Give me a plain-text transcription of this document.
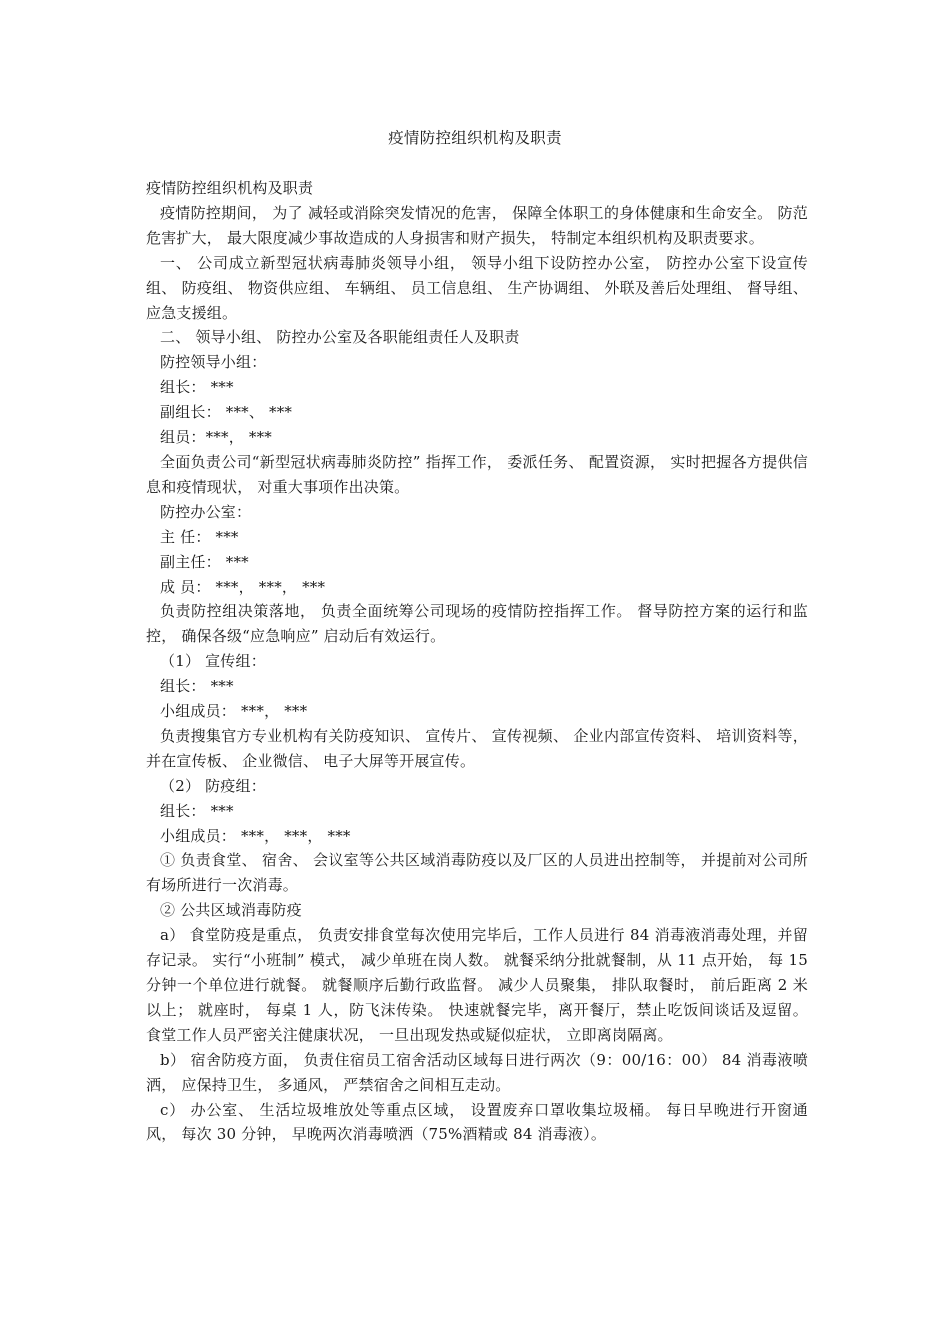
疫情防控组织机构及职责

疫情防控组织机构及职责

疫情防控期间， 为了 减轻或消除突发情况的危害， 保障全体职工的身体健康和生命安全。 防范危害扩大， 最大限度减少事故造成的人身损害和财产损失， 特制定本组织机构及职责要求。

一、 公司成立新型冠状病毒肺炎领导小组， 领导小组下设防控办公室， 防控办公室下设宣传组、 防疫组、 物资供应组、 车辆组、 员工信息组、 生产协调组、 外联及善后处理组、 督导组、 应急支援组。

二、 领导小组、 防控办公室及各职能组责任人及职责

防控领导小组：

组长： ***

副组长： ***、 ***

组员：***， ***

全面负责公司“新型冠状病毒肺炎防控” 指挥工作， 委派任务、 配置资源， 实时把握各方提供信息和疫情现状， 对重大事项作出决策。

防控办公室：

主 任： ***

副主任： ***

成 员： ***， ***， ***

负责防控组决策落地， 负责全面统筹公司现场的疫情防控指挥工作。 督导防控方案的运行和监控， 确保各级“应急响应” 启动后有效运行。

（1） 宣传组：

组长： ***

小组成员： ***， ***

负责搜集官方专业机构有关防疫知识、 宣传片、 宣传视频、 企业内部宣传资料、 培训资料等， 并在宣传板、 企业微信、 电子大屏等开展宣传。

（2） 防疫组：

组长： ***

小组成员： ***， ***， ***

① 负责食堂、 宿舍、 会议室等公共区域消毒防疫以及厂区的人员进出控制等， 并提前对公司所有场所进行一次消毒。

② 公共区域消毒防疫

a） 食堂防疫是重点， 负责安排食堂每次使用完毕后，工作人员进行 84 消毒液消毒处理，并留存记录。 实行“小班制” 模式， 减少单班在岗人数。 就餐采纳分批就餐制，从 11 点开始， 每 15 分钟一个单位进行就餐。 就餐顺序后勤行政监督。 减少人员聚集， 排队取餐时， 前后距离 2 米以上； 就座时， 每桌 1 人，防飞沫传染。 快速就餐完毕，离开餐厅，禁止吃饭间谈话及逗留。 食堂工作人员严密关注健康状况， 一旦出现发热或疑似症状， 立即离岗隔离。

b） 宿舍防疫方面， 负责住宿员工宿舍活动区域每日进行两次（9：00/16：00） 84 消毒液喷洒， 应保持卫生， 多通风， 严禁宿舍之间相互走动。

c） 办公室、 生活垃圾堆放处等重点区域， 设置废弃口罩收集垃圾桶。 每日早晚进行开窗通风， 每次 30 分钟， 早晚两次消毒喷洒（75%酒精或 84 消毒液）。
